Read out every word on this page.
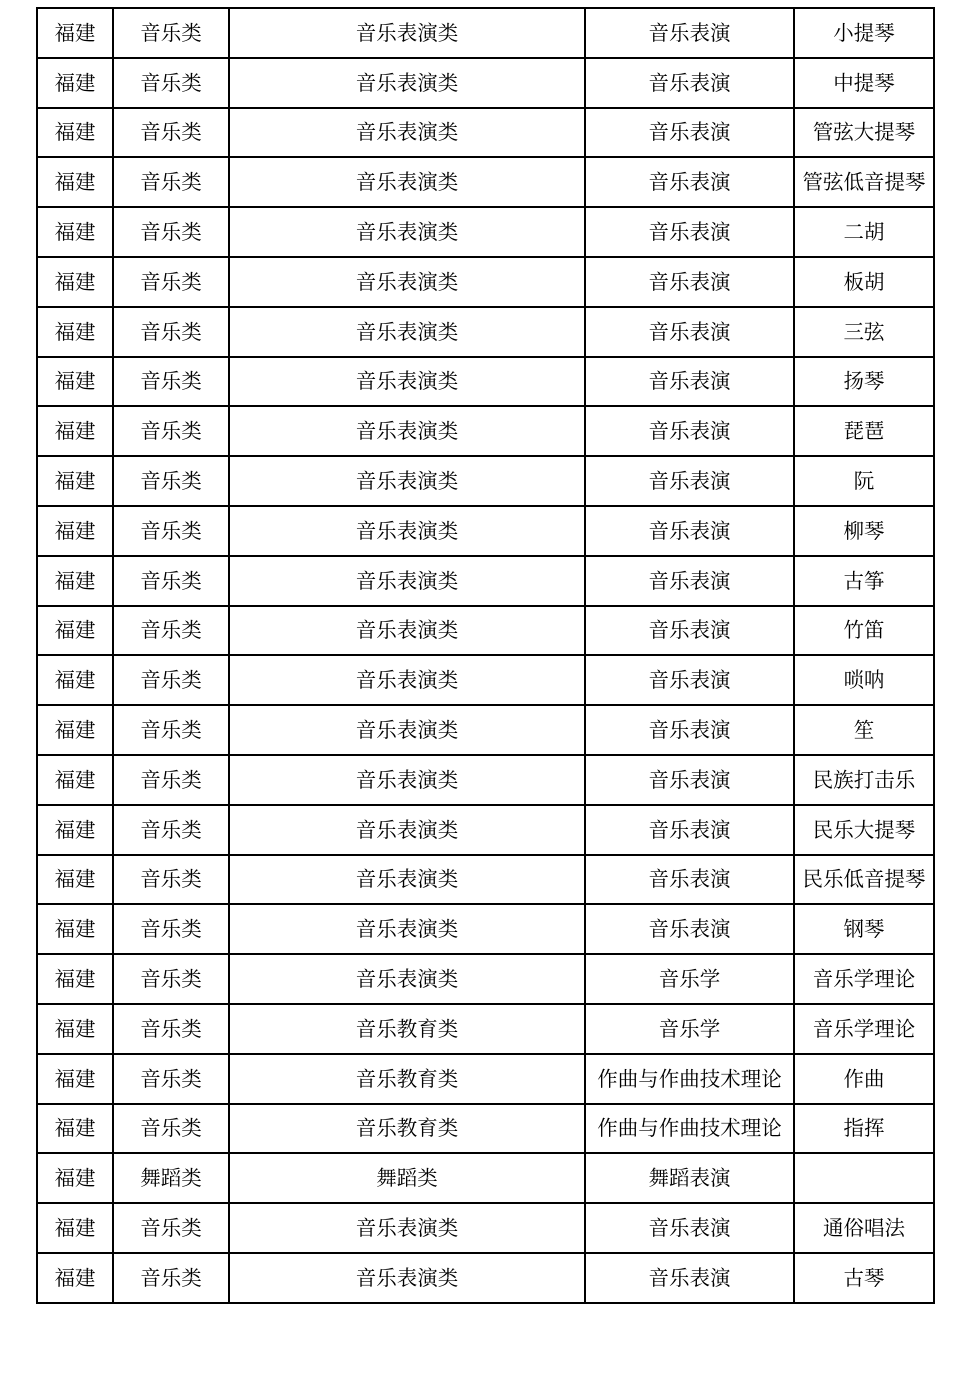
福建	音乐类	音乐表演类	音乐表演	小提琴
福建	音乐类	音乐表演类	音乐表演	中提琴
福建	音乐类	音乐表演类	音乐表演	管弦大提琴
福建	音乐类	音乐表演类	音乐表演	管弦低音提琴
福建	音乐类	音乐表演类	音乐表演	二胡
福建	音乐类	音乐表演类	音乐表演	板胡
福建	音乐类	音乐表演类	音乐表演	三弦
福建	音乐类	音乐表演类	音乐表演	扬琴
福建	音乐类	音乐表演类	音乐表演	琵琶
福建	音乐类	音乐表演类	音乐表演	阮
福建	音乐类	音乐表演类	音乐表演	柳琴
福建	音乐类	音乐表演类	音乐表演	古筝
福建	音乐类	音乐表演类	音乐表演	竹笛
福建	音乐类	音乐表演类	音乐表演	唢呐
福建	音乐类	音乐表演类	音乐表演	笙
福建	音乐类	音乐表演类	音乐表演	民族打击乐
福建	音乐类	音乐表演类	音乐表演	民乐大提琴
福建	音乐类	音乐表演类	音乐表演	民乐低音提琴
福建	音乐类	音乐表演类	音乐表演	钢琴
福建	音乐类	音乐表演类	音乐学	音乐学理论
福建	音乐类	音乐教育类	音乐学	音乐学理论
福建	音乐类	音乐教育类	作曲与作曲技术理论	作曲
福建	音乐类	音乐教育类	作曲与作曲技术理论	指挥
福建	舞蹈类	舞蹈类	舞蹈表演	
福建	音乐类	音乐表演类	音乐表演	通俗唱法
福建	音乐类	音乐表演类	音乐表演	古琴
